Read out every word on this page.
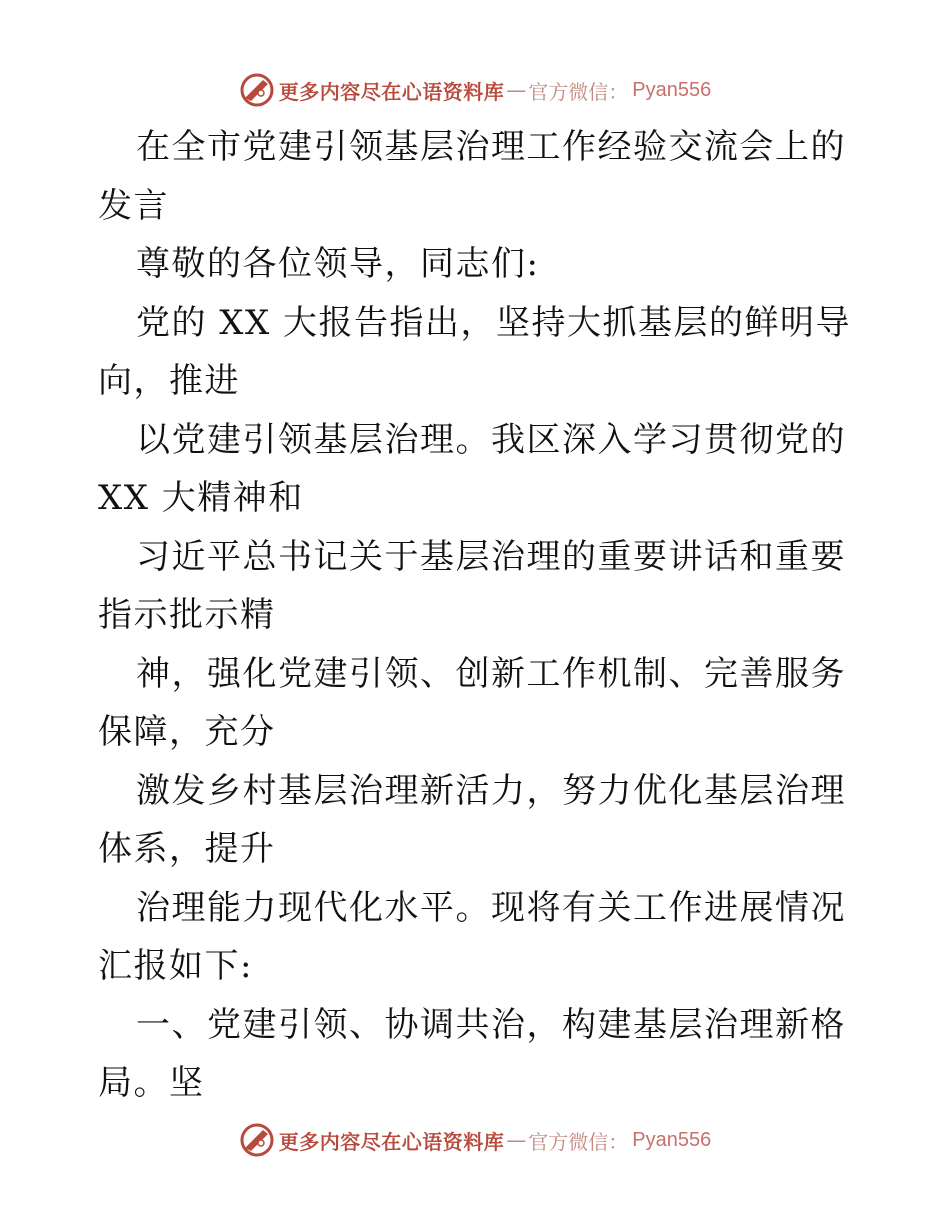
更多内容尽在心语资料库 — 官方微信： Pyan556

在全市党建引领基层治理工作经验交流会上的发言

尊敬的各位领导，同志们:

党的 XX 大报告指出，坚持大抓基层的鲜明导向，推进

以党建引领基层治理。我区深入学习贯彻党的 XX 大精神和

习近平总书记关于基层治理的重要讲话和重要指示批示精

神，强化党建引领、创新工作机制、完善服务保障，充分

激发乡村基层治理新活力，努力优化基层治理体系，提升

治理能力现代化水平。现将有关工作进展情况汇报如下:

一、党建引领、协调共治，构建基层治理新格局。坚

更多内容尽在心语资料库 — 官方微信： Pyan556
